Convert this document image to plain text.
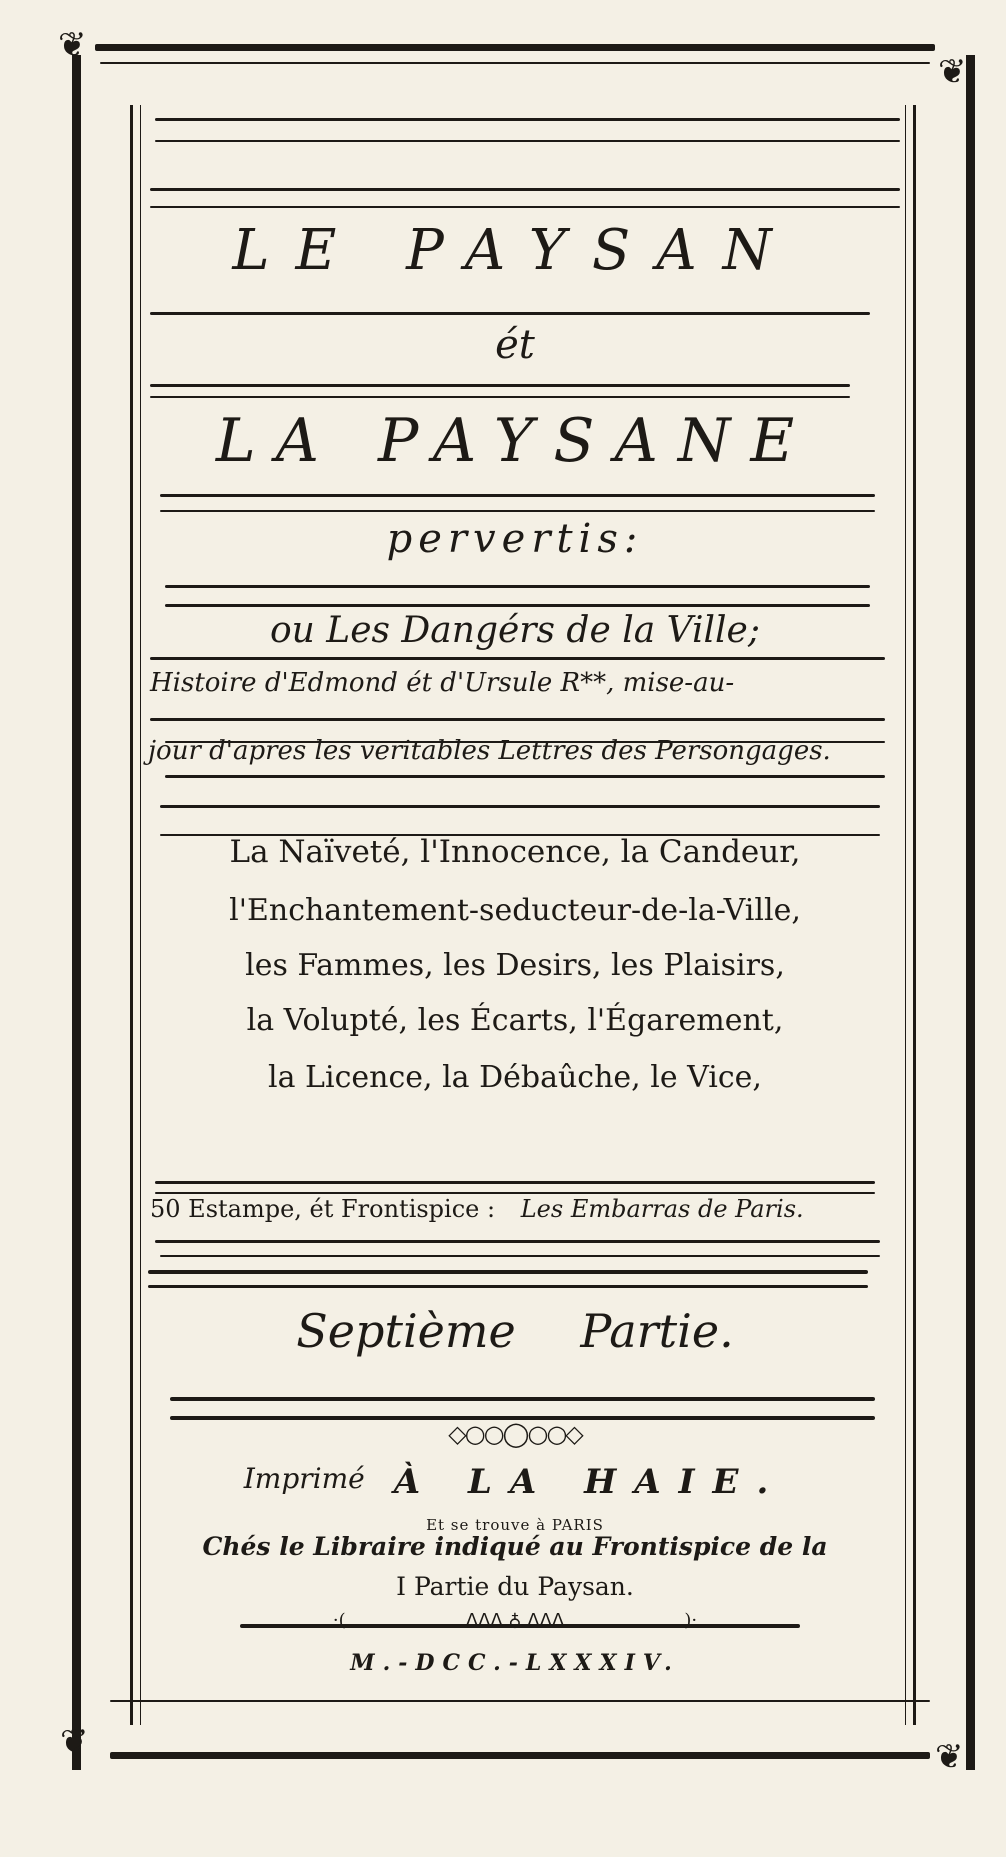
❦
❦
❦	❦
LE PAYSAN
ét
LA PAYSANE
pervertis:
ou Les Dangérs de la Ville;
Histoire d'Edmond ét d'Ursule R**, mise-au-
jour d'apres les veritables Lettres des Persongages.
La Naïveté, l'Innocence, la Candeur,
l'Enchantement-seducteur-de-la-Ville,
les Fammes, les Desirs, les Plaisirs,
la Volupté, les Écarts, l'Égarement,
la Licence, la Débaûche, le Vice,
50 Estampe, ét Frontispice : Les Embarras de Paris.
Septième Partie.
◇○○◯○○◇
Imprimé À LA HAIE.
Et se trouve à PARIS
Chés le Libraire indiqué au Frontispice de la
I Partie du Paysan.
·(                     ᐃᐃᐃ ♁ ᐃᐃᐃ                     )·
M.-DCC.-LXXXIV.
